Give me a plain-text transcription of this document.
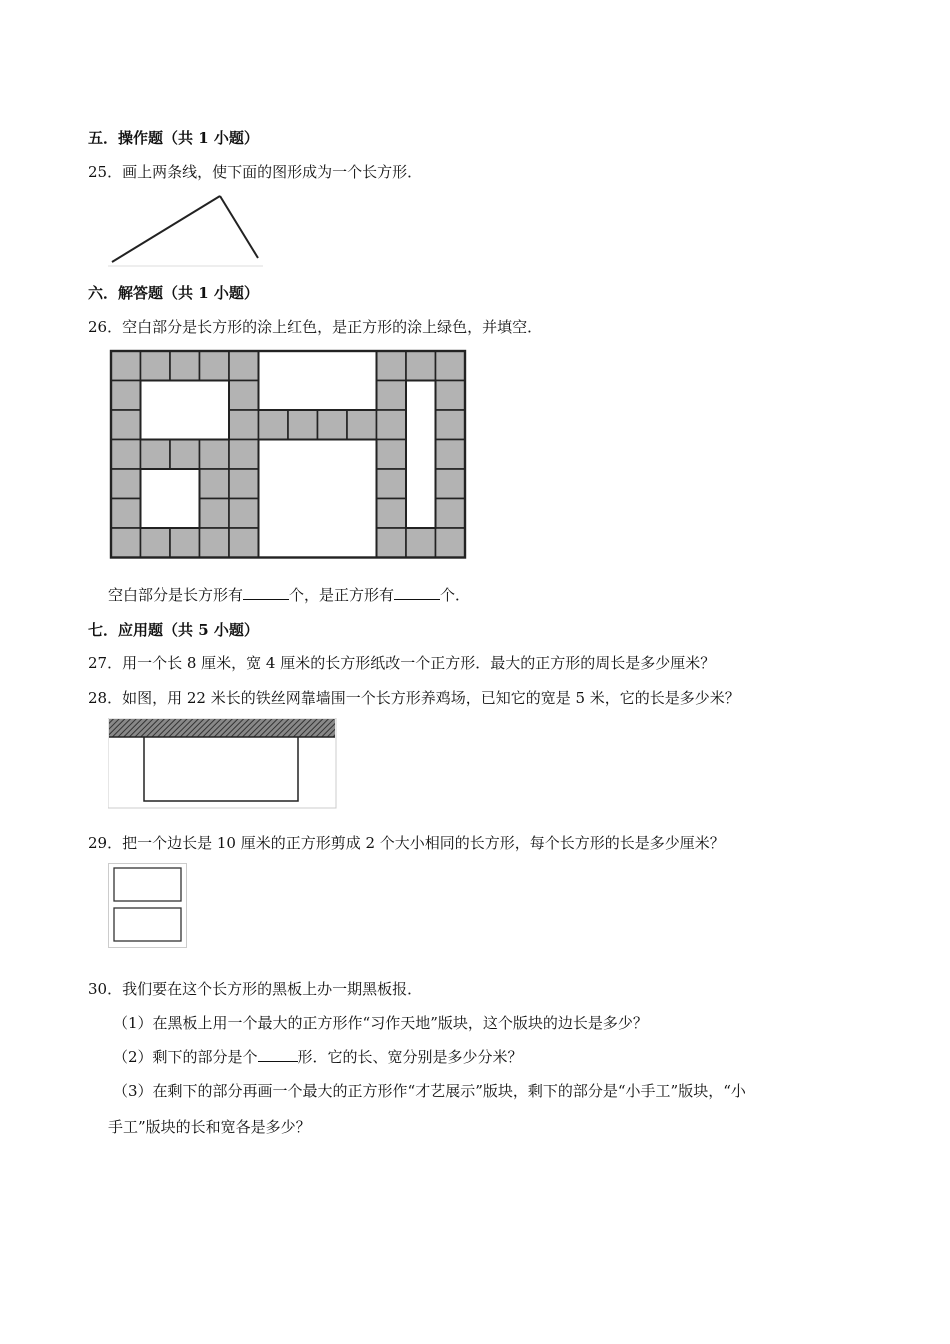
五．操作题（共 1 小题）
25．画上两条线，使下面的图形成为一个长方形．
六．解答题（共 1 小题）
26．空白部分是长方形的涂上红色，是正方形的涂上绿色，并填空．
空白部分是长方形有	个，是正方形有	个．
七．应用题（共 5 小题）
27．用一个长 8 厘米，宽 4 厘米的长方形纸改一个正方形．最大的正方形的周长是多少厘米？
28．如图，用 22 米长的铁丝网靠墙围一个长方形养鸡场，已知它的宽是 5 米，它的长是多少米？
29．把一个边长是 10 厘米的正方形剪成 2 个大小相同的长方形，每个长方形的长是多少厘米？
30．我们要在这个长方形的黑板上办一期黑板报．
（1）在黑板上用一个最大的正方形作“习作天地”版块，这个版块的边长是多少？
（2）剩下的部分是个	形．它的长、宽分别是多少分米？
（3）在剩下的部分再画一个最大的正方形作“才艺展示”版块，剩下的部分是“小手工”版块，“小
手工”版块的长和宽各是多少？
